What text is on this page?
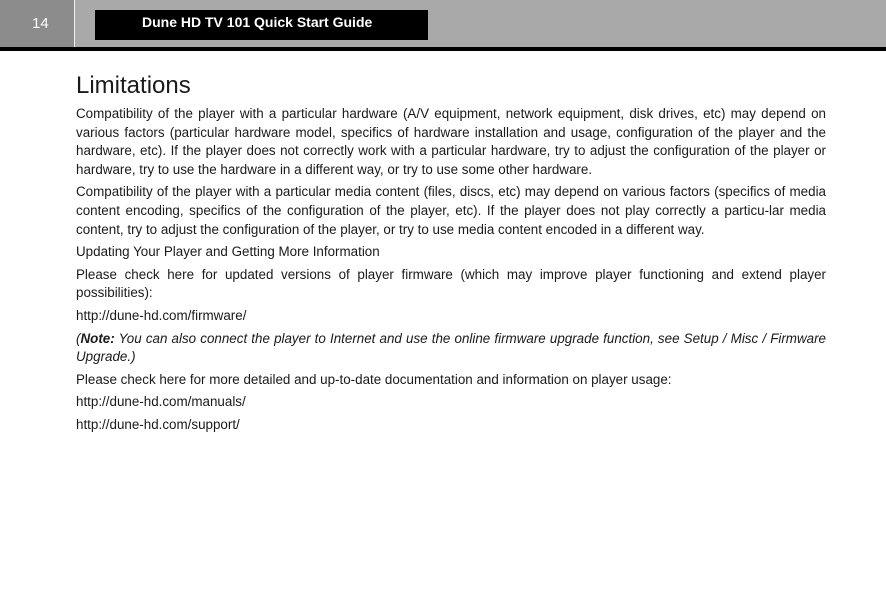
14	Dune HD TV 101 Quick Start Guide
Limitations

Compatibility of the player with a particular hardware (A/V equipment, network equipment, disk drives, etc) may depend on various factors (particular hardware model, specifics of hardware installation and usage, configuration of the player and the hardware, etc). If the player does not correctly work with a particular hardware, try to adjust the configuration of the player or hardware, try to use the hardware in a different way, or try to use some other hardware.

Compatibility of the player with a particular media content (files, discs, etc) may depend on various factors (specifics of media content encoding, specifics of the configuration of the player, etc). If the player does not play correctly a particu-lar media content, try to adjust the configuration of the player, or try to use media content encoded in a different way.

Updating Your Player and Getting More Information

Please check here for updated versions of player firmware (which may improve player functioning and extend player possibilities):

http://dune-hd.com/firmware/

(Note: You can also connect the player to Internet and use the online firmware upgrade function, see Setup / Misc / Firmware Upgrade.)

Please check here for more detailed and up-to-date documentation and information on player usage:

http://dune-hd.com/manuals/

http://dune-hd.com/support/
